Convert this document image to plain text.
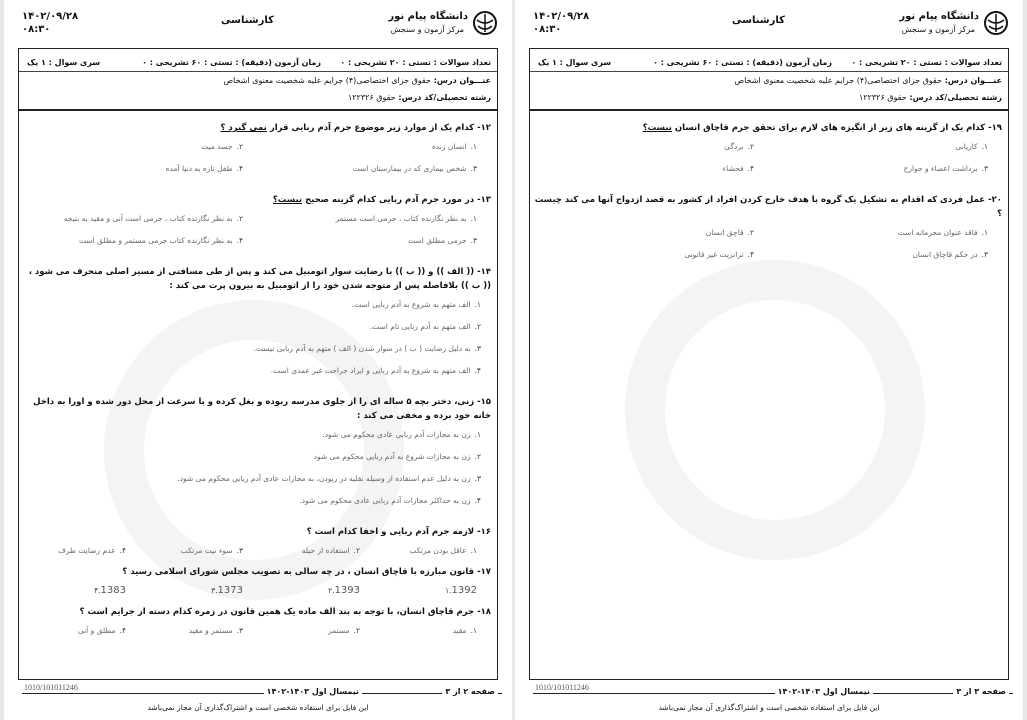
۱۴۰۲/۰۹/۲۸
۰۸:۳۰
کارشناسی	دانشگاه پیام نور
مرکز آزمون و سنجش
تعداد سوالات : تستی : ۲۰ تشریحی : ۰
زمان آزمون (دقیقه) : تستی : ۶۰ تشریحی : ۰
سری سوال : ۱ یک
عنـــوان درس: حقوق جزای اختصاصی(۴) جرایم علیه شخصیت معنوی اشخاص
رشته تحصیلی/کد درس: حقوق ۱۲۲۳۲۶
۱۲- کدام یک از موارد زیر موضوع جرم آدم ربایی قرار نمی گیرد ؟
۱.انسان زنده
۲.جسد میت
۳.شخص بیماری که در بیمارستان است
۴.طفل تازه به دنیا آمده
۱۳- در مورد جرم آدم ربایی کدام گزینه صحیح نیست؟
۱.به نظر نگارنده کتاب ، جرمی است مستمر
۲.به نظر نگارنده کتاب ، جرمی است آنی و مقید به نتیجه
۳.جرمی مطلق است
۴.به نظر نگارنده کتاب جرمی مستمر و مطلق است
۱۴- (( الف )) و (( ب )) با رضایت سوار اتومبیل می کند و پس از طی مسافتی از مسیر اصلی منحرف می شود ، (( ب )) بلافاصله پس از متوجه شدن خود را از اتومبیل به بیرون پرت می کند :
۱.الف متهم به شروع به آدم ربایی است.
۲.الف متهم به آدم ربایی تام است.
۳.به دلیل رضایت ( ب ) در سوار شدن ( الف ) متهم به آدم ربایی نیست.
۴.الف متهم به شروع به آدم ربایی و ایراد جراحت غیر عمدی است.
۱۵- زنی، دختر بچه ۵ ساله ای را از جلوی مدرسه ربوده و بغل کرده و با سرعت از محل دور شده و اورا به داخل خانه خود برده و مخفی می کند :
۱.زن به مجازات آدم ربایی عادی محکوم می شود.
۲.زن به مجازات شروع به آدم ربایی محکوم می شود
۳.زن به دلیل عدم استفاده از وسیله نقلیه در ربودن، به مجازات عادی آدم ربایی محکوم می شود.
۴.زن به حداکثر مجازات آدم ربایی عادی محکوم می شود.
۱۶- لازمه جرم آدم ربایی و اخفا کدام است ؟
۱.عاقل بودن مرتکب
۲.استفاده از حیله
۳.سوء نیت مرتکب
۴.عدم رضایت طرف
۱۷- قانون مبارزه با قاچاق انسان ، در چه سالی به تصویب مجلس شورای اسلامی رسید ؟
۱.1392
۲.1393
۳.1373
۴.1383
۱۸- جرم قاچاق انسان، با توجه به بند الف ماده یک همین قانون در زمره کدام دسته از جرایم است ؟
۱.مقید
۲.مستمر
۳.مستمر و مقید
۴.مطلق و آنی
صفحه ۲ از ۳
نیمسال اول ۱۴۰۳-۱۴۰۲
1010/101011246
این فایل برای استفاده شخصی است و اشتراک‌گذاری آن مجاز نمی‌باشد
۱۴۰۲/۰۹/۲۸
۰۸:۳۰
کارشناسی	دانشگاه پیام نور
مرکز آزمون و سنجش
تعداد سوالات : تستی : ۲۰ تشریحی : ۰
زمان آزمون (دقیقه) : تستی : ۶۰ تشریحی : ۰
سری سوال : ۱ یک
عنـــوان درس: حقوق جزای اختصاصی(۴) جرایم علیه شخصیت معنوی اشخاص
رشته تحصیلی/کد درس: حقوق ۱۲۲۳۲۶
۱۹- کدام یک از گزینه های زیر از انگیزه های لازم برای تحقق جرم قاچاق انسان نیست؟
۱.کاریابی
۲.بردگی
۳.برداشت اعضاء و جوارح
۴.فحشاء
۲۰- عمل فردی که اقدام به تشکیل یک گروه با هدف خارج کردن افراد از کشور به قصد ازدواج آنها می کند چیست ؟
۱.فاقد عنوان مجرمانه است
۲.قاچق انسان
۳.در حکم قاچاق انسان
۴.ترانزیت غیر قانونی
صفحه ۳ از ۳
نیمسال اول ۱۴۰۳-۱۴۰۲
1010/101011246
این فایل برای استفاده شخصی است و اشتراک‌گذاری آن مجاز نمی‌باشد
